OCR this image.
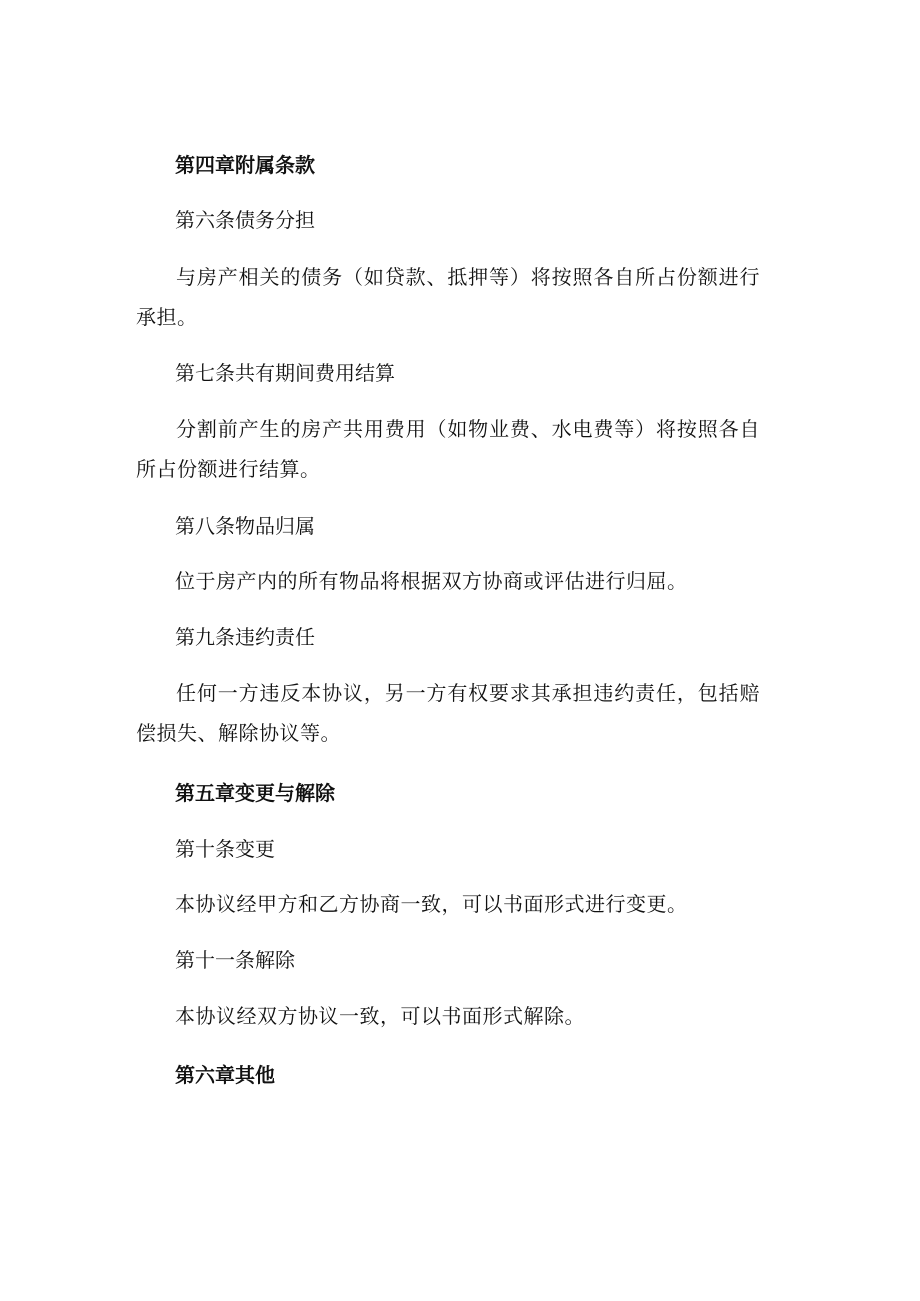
第四章附属条款

第六条债务分担

与房产相关的债务（如贷款、抵押等）将按照各自所占份额进行承担。

第七条共有期间费用结算

分割前产生的房产共用费用（如物业费、水电费等）将按照各自所占份额进行结算。

第八条物品归属

位于房产内的所有物品将根据双方协商或评估进行归屈。

第九条违约责任

任何一方违反本协议，另一方有权要求其承担违约责任，包括赔偿损失、解除协议等。

第五章变更与解除

第十条变更

本协议经甲方和乙方协商一致，可以书面形式进行变更。

第十一条解除

本协议经双方协议一致，可以书面形式解除。

第六章其他
